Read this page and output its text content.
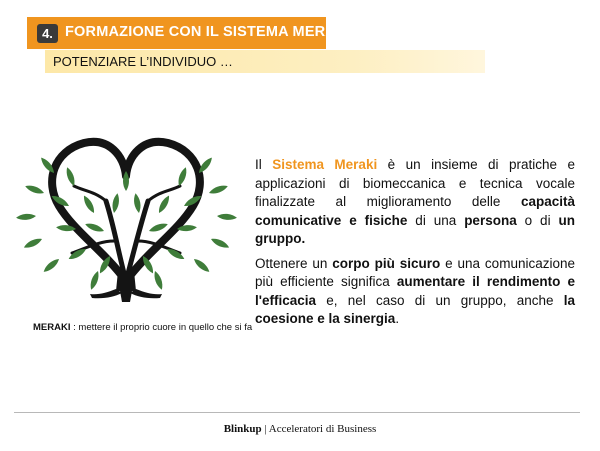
4. FORMAZIONE CON IL SISTEMA MERAKI
POTENZIARE L’INDIVIDUO …
MERAKI : mettere il proprio cuore in quello che si fa

Il Sistema Meraki è un insieme di pratiche e applicazioni di biomeccanica e tecnica vocale finalizzate al miglioramento delle capacità comunicative e fisiche di una persona o di un gruppo.

Ottenere un corpo più sicuro e una comunicazione più efficiente significa aumentare il rendimento e l'efficacia e, nel caso di un gruppo, anche la coesione e la sinergia.

Blinkup | Acceleratori di Business
